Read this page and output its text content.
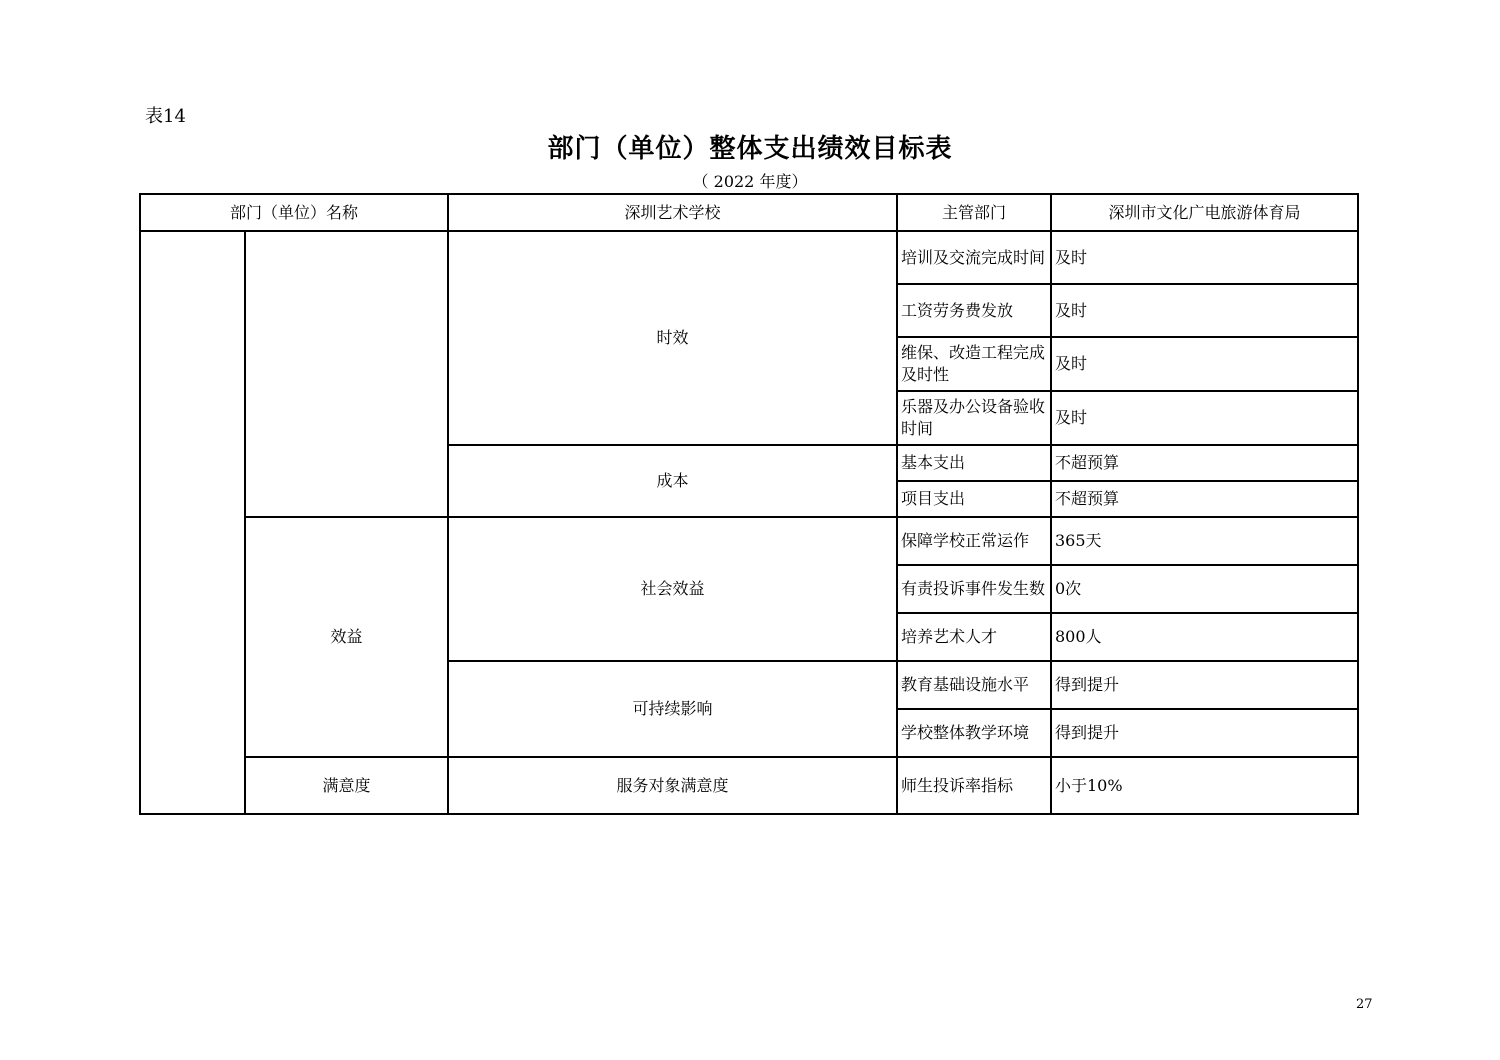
表14
部门（单位）整体支出绩效目标表
（ 2022 年度）
部门（单位）名称		深圳艺术学校	主管部门	深圳市文化广电旅游体育局
		时效	培训及交流完成时间	及时
			工资劳务费发放	及时
			维保、改造工程完成及时性	及时
			乐器及办公设备验收时间	及时
		成本	基本支出	不超预算
			项目支出	不超预算
	效益	社会效益	保障学校正常运作	365天
			有责投诉事件发生数	0次
			培养艺术人才	800人
		可持续影响	教育基础设施水平	得到提升
			学校整体教学环境	得到提升
	满意度	服务对象满意度	师生投诉率指标	小于10%
27
